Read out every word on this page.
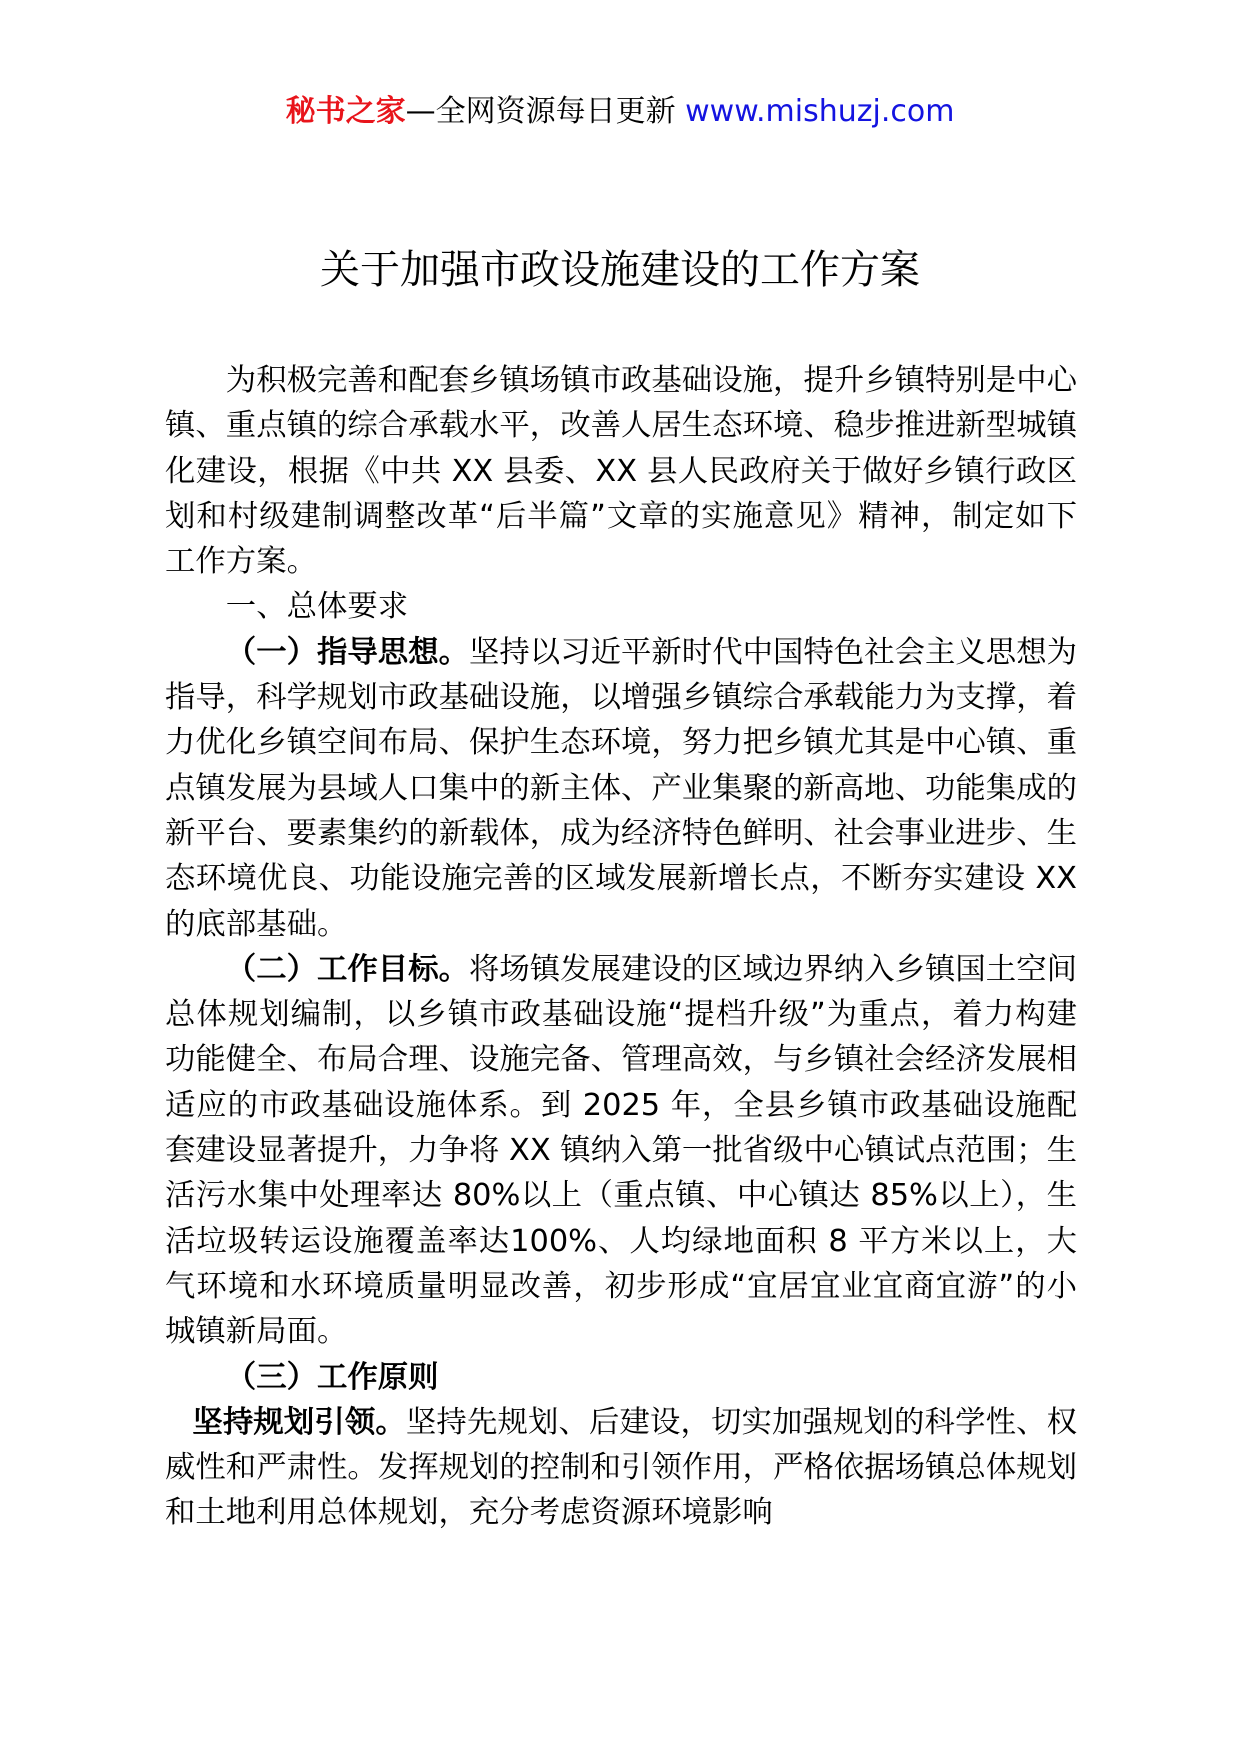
秘书之家—全网资源每日更新 www.mishuzj.com
关于加强市政设施建设的工作方案

为积极完善和配套乡镇场镇市政基础设施，提升乡镇特别是中心镇、重点镇的综合承载水平，改善人居生态环境、稳步推进新型城镇化建设，根据《中共 XX 县委、XX 县人民政府关于做好乡镇行政区划和村级建制调整改革“后半篇”文章的实施意见》精神，制定如下工作方案。

一、总体要求

（一）指导思想。坚持以习近平新时代中国特色社会主义思想为指导，科学规划市政基础设施，以增强乡镇综合承载能力为支撑，着力优化乡镇空间布局、保护生态环境，努力把乡镇尤其是中心镇、重点镇发展为县域人口集中的新主体、产业集聚的新高地、功能集成的新平台、要素集约的新载体，成为经济特色鲜明、社会事业进步、生态环境优良、功能设施完善的区域发展新增长点，不断夯实建设 XX 的底部基础。

（二）工作目标。将场镇发展建设的区域边界纳入乡镇国土空间总体规划编制，以乡镇市政基础设施“提档升级”为重点，着力构建功能健全、布局合理、设施完备、管理高效，与乡镇社会经济发展相适应的市政基础设施体系。到 2025 年，全县乡镇市政基础设施配套建设显著提升，力争将 XX 镇纳入第一批省级中心镇试点范围；生活污水集中处理率达 80%以上（重点镇、中心镇达 85%以上），生活垃圾转运设施覆盖率达100%、人均绿地面积 8 平方米以上，大气环境和水环境质量明显改善，初步形成“宜居宜业宜商宜游”的小城镇新局面。

（三）工作原则

坚持规划引领。坚持先规划、后建设，切实加强规划的科学性、权威性和严肃性。发挥规划的控制和引领作用，严格依据场镇总体规划和土地利用总体规划，充分考虑资源环境影响
